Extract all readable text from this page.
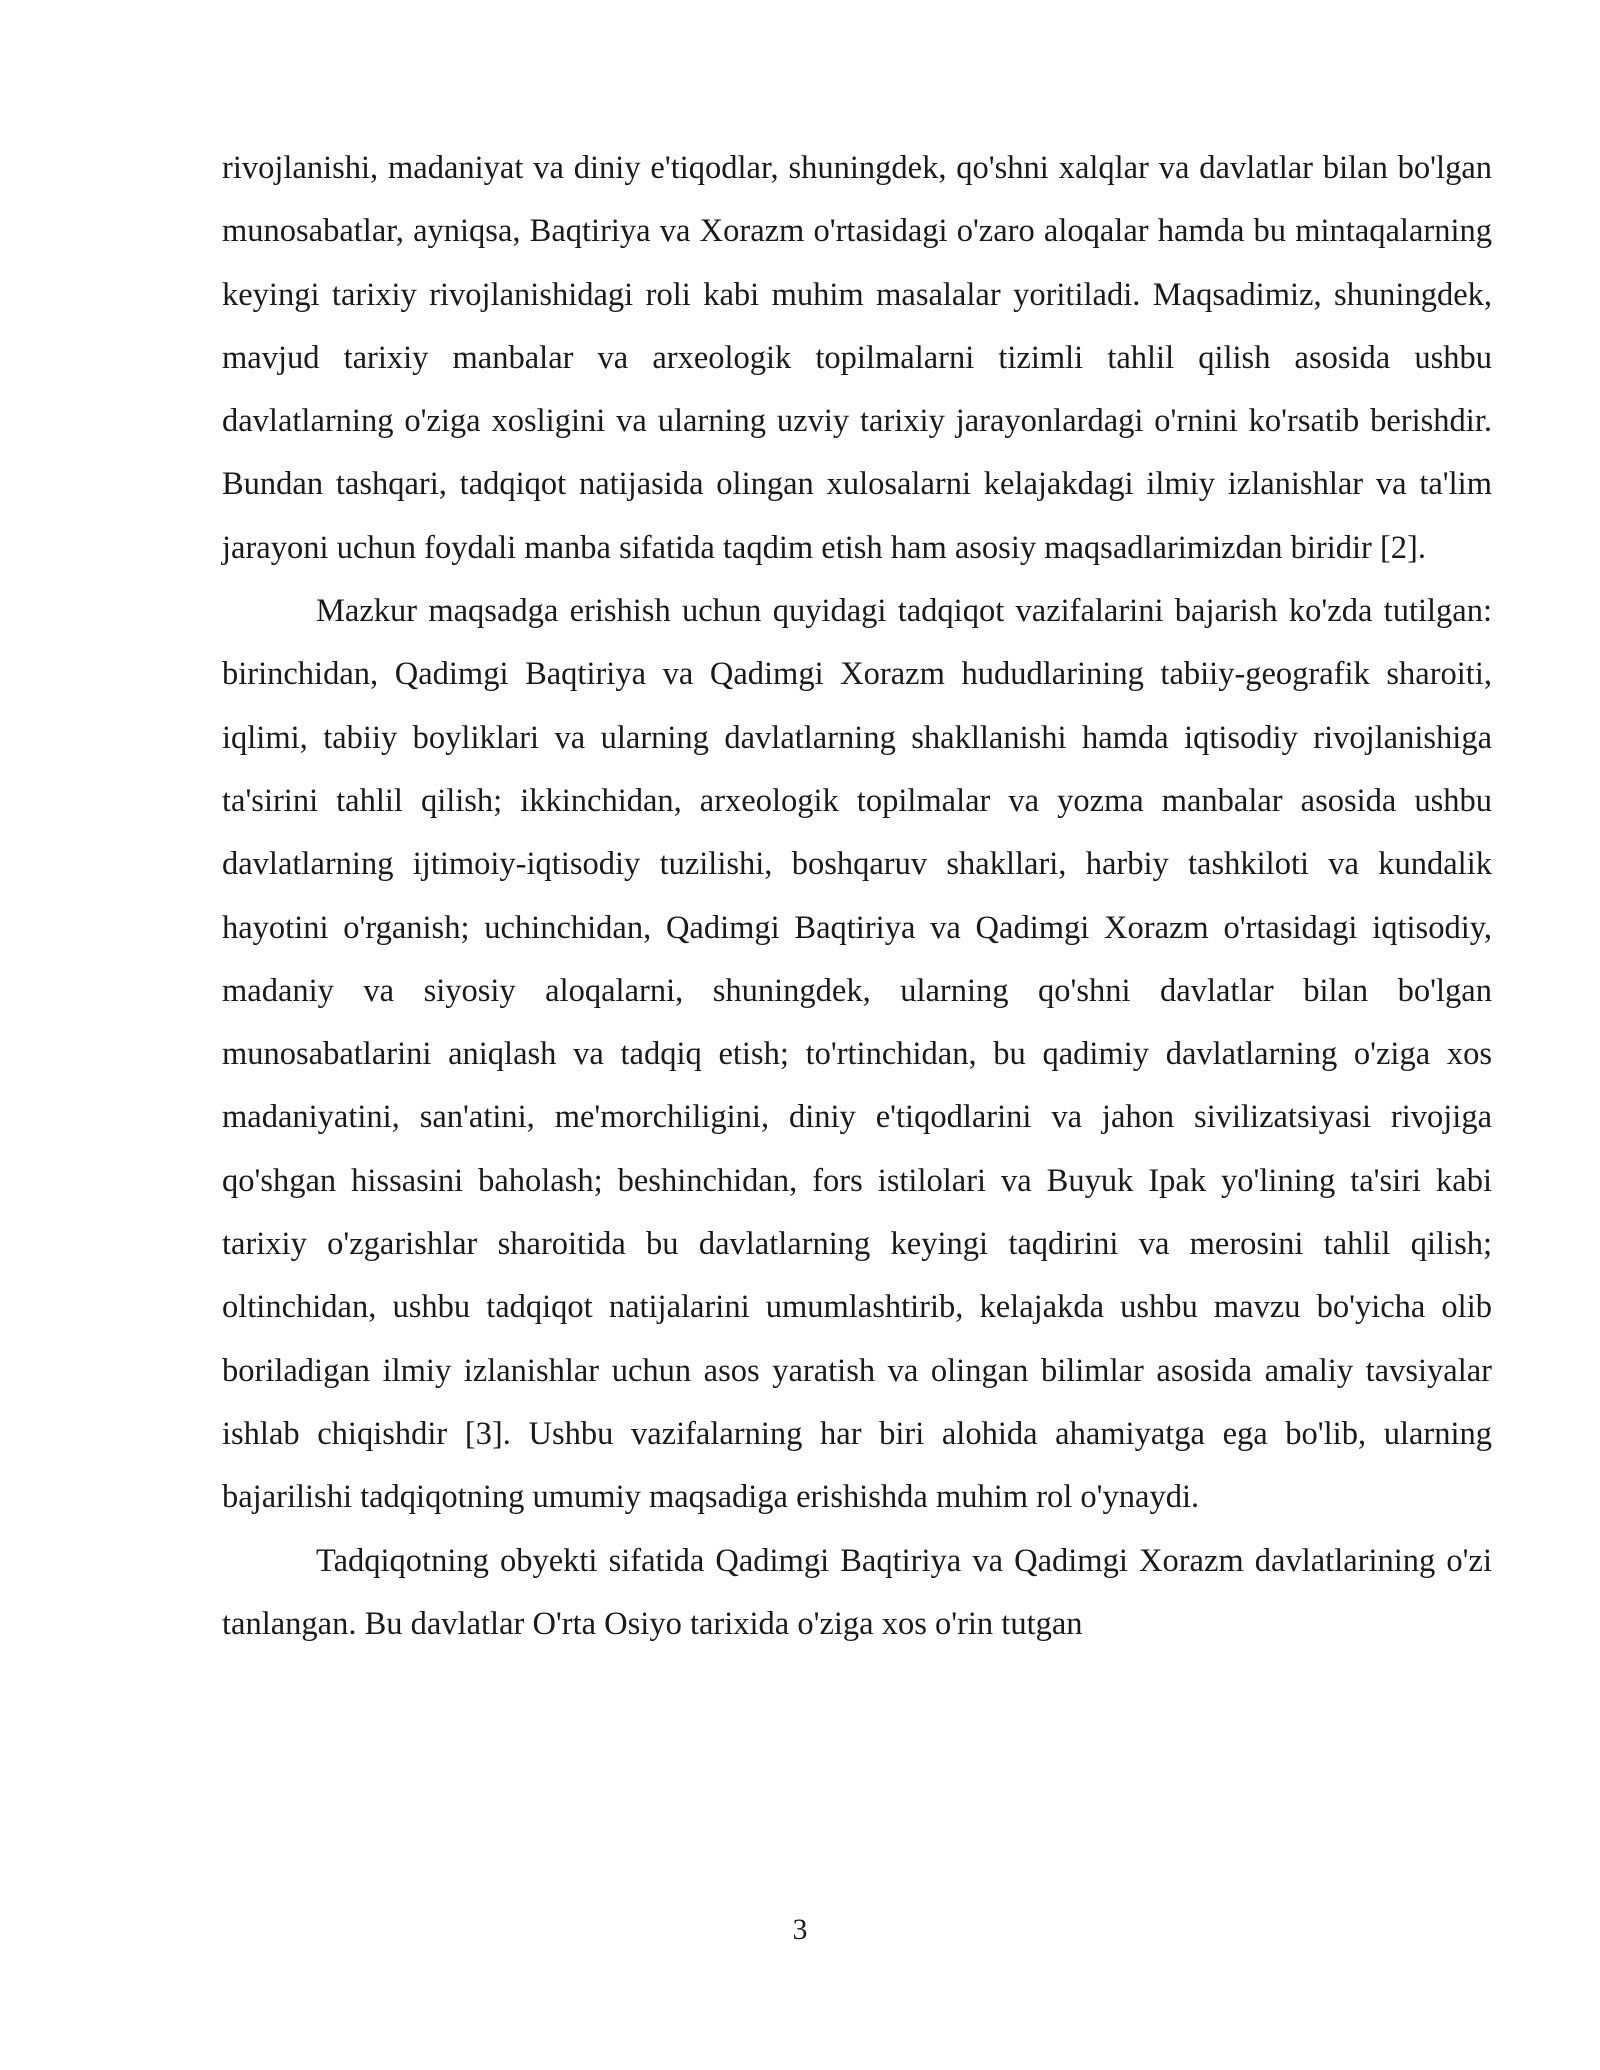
rivojlanishi, madaniyat va diniy e'tiqodlar, shuningdek, qo'shni xalqlar va davlatlar bilan bo'lgan munosabatlar, ayniqsa, Baqtiriya va Xorazm o'rtasidagi o'zaro aloqalar hamda bu mintaqalarning keyingi tarixiy rivojlanishidagi roli kabi muhim masalalar yoritiladi. Maqsadimiz, shuningdek, mavjud tarixiy manbalar va arxeologik topilmalarni tizimli tahlil qilish asosida ushbu davlatlarning o'ziga xosligini va ularning uzviy tarixiy jarayonlardagi o'rnini ko'rsatib berishdir. Bundan tashqari, tadqiqot natijasida olingan xulosalarni kelajakdagi ilmiy izlanishlar va ta'lim jarayoni uchun foydali manba sifatida taqdim etish ham asosiy maqsadlarimizdan biridir [2].

Mazkur maqsadga erishish uchun quyidagi tadqiqot vazifalarini bajarish ko'zda tutilgan: birinchidan, Qadimgi Baqtiriya va Qadimgi Xorazm hududlarining tabiiy-geografik sharoiti, iqlimi, tabiiy boyliklari va ularning davlatlarning shakllanishi hamda iqtisodiy rivojlanishiga ta'sirini tahlil qilish; ikkinchidan, arxeologik topilmalar va yozma manbalar asosida ushbu davlatlarning ijtimoiy-iqtisodiy tuzilishi, boshqaruv shakllari, harbiy tashkiloti va kundalik hayotini o'rganish; uchinchidan, Qadimgi Baqtiriya va Qadimgi Xorazm o'rtasidagi iqtisodiy, madaniy va siyosiy aloqalarni, shuningdek, ularning qo'shni davlatlar bilan bo'lgan munosabatlarini aniqlash va tadqiq etish; to'rtinchidan, bu qadimiy davlatlarning o'ziga xos madaniyatini, san'atini, me'morchiligini, diniy e'tiqodlarini va jahon sivilizatsiyasi rivojiga qo'shgan hissasini baholash; beshinchidan, fors istilolari va Buyuk Ipak yo'lining ta'siri kabi tarixiy o'zgarishlar sharoitida bu davlatlarning keyingi taqdirini va merosini tahlil qilish; oltinchidan, ushbu tadqiqot natijalarini umumlashtirib, kelajakda ushbu mavzu bo'yicha olib boriladigan ilmiy izlanishlar uchun asos yaratish va olingan bilimlar asosida amaliy tavsiyalar ishlab chiqishdir [3]. Ushbu vazifalarning har biri alohida ahamiyatga ega bo'lib, ularning bajarilishi tadqiqotning umumiy maqsadiga erishishda muhim rol o'ynaydi.

Tadqiqotning obyekti sifatida Qadimgi Baqtiriya va Qadimgi Xorazm davlatlarining o'zi tanlangan. Bu davlatlar O'rta Osiyo tarixida o'ziga xos o'rin tutgan

3
